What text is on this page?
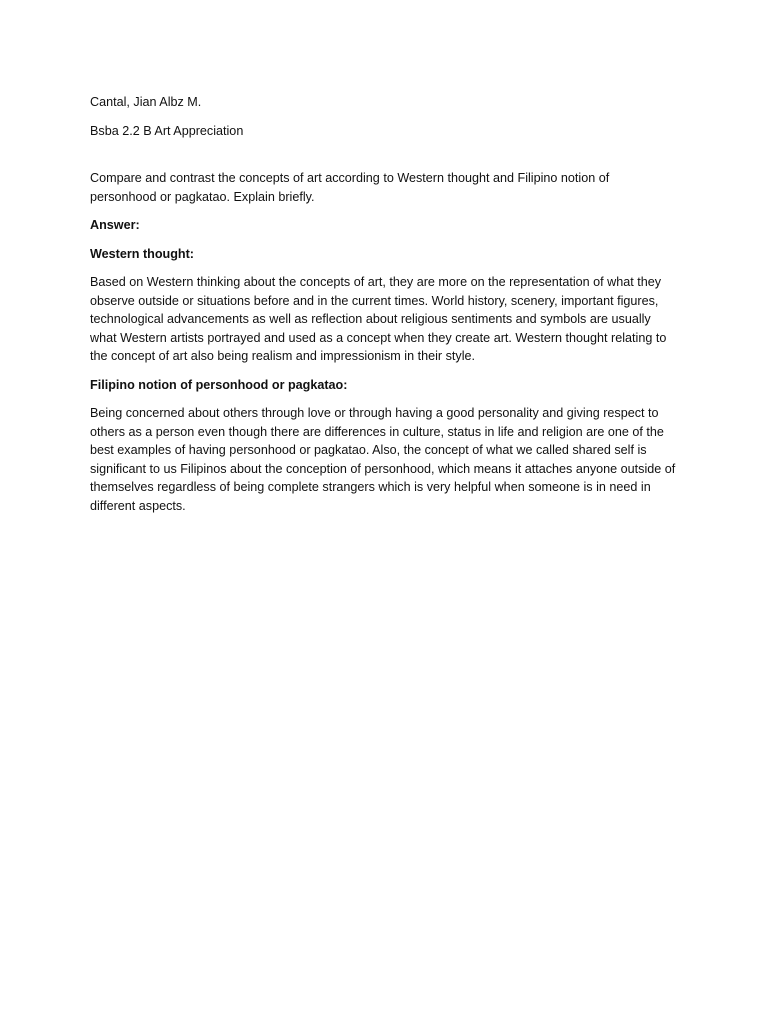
Cantal, Jian Albz M.

Bsba 2.2 B Art Appreciation

Compare and contrast the concepts of art according to Western thought and Filipino notion of personhood or pagkatao. Explain briefly.

Answer:

Western thought:

Based on Western thinking about the concepts of art, they are more on the representation of what they observe outside or situations before and in the current times. World history, scenery, important figures, technological advancements as well as reflection about religious sentiments and symbols are usually what Western artists portrayed and used as a concept when they create art. Western thought relating to the concept of art also being realism and impressionism in their style.

Filipino notion of personhood or pagkatao:

Being concerned about others through love or through having a good personality and giving respect to others as a person even though there are differences in culture, status in life and religion are one of the best examples of having personhood or pagkatao. Also, the concept of what we called shared self is significant to us Filipinos about the conception of personhood, which means it attaches anyone outside of themselves regardless of being complete strangers which is very helpful when someone is in need in different aspects.
